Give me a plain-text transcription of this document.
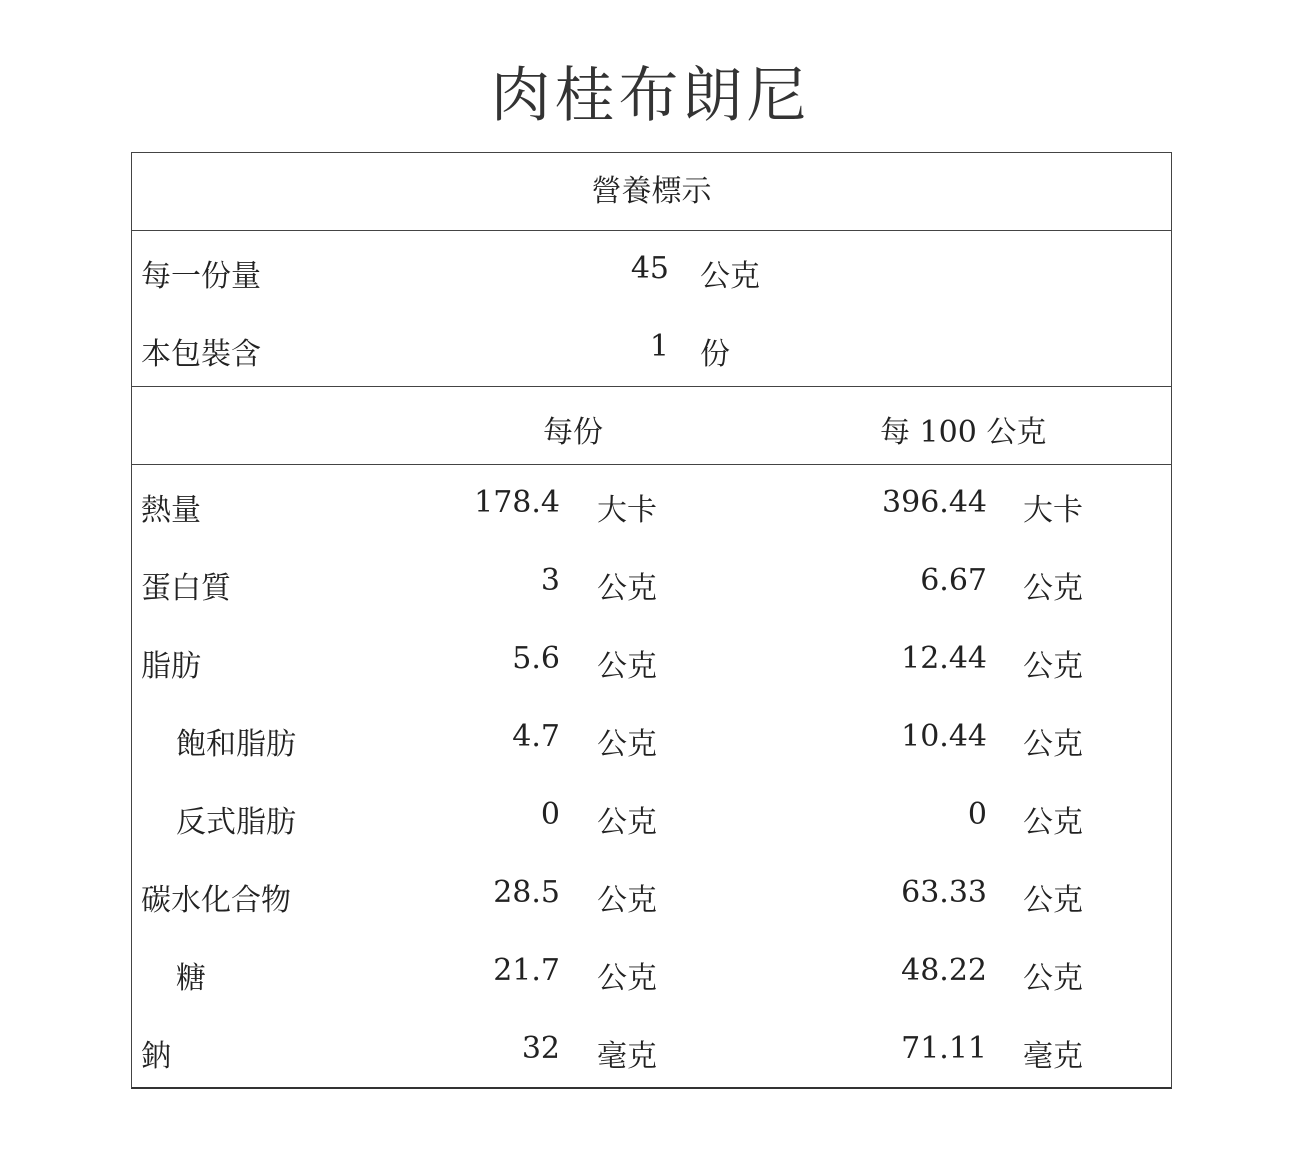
肉桂布朗尼
營養標示
每一份量	45 公克
本包裝含	1 份
每份	每 100 公克
熱量	178.4 大卡	396.44 大卡
蛋白質	3 公克	6.67 公克
脂肪	5.6 公克	12.44 公克
飽和脂肪	4.7 公克	10.44 公克
反式脂肪	0 公克	0 公克
碳水化合物	28.5 公克	63.33 公克
糖	21.7 公克	48.22 公克
鈉	32 毫克	71.11 毫克
